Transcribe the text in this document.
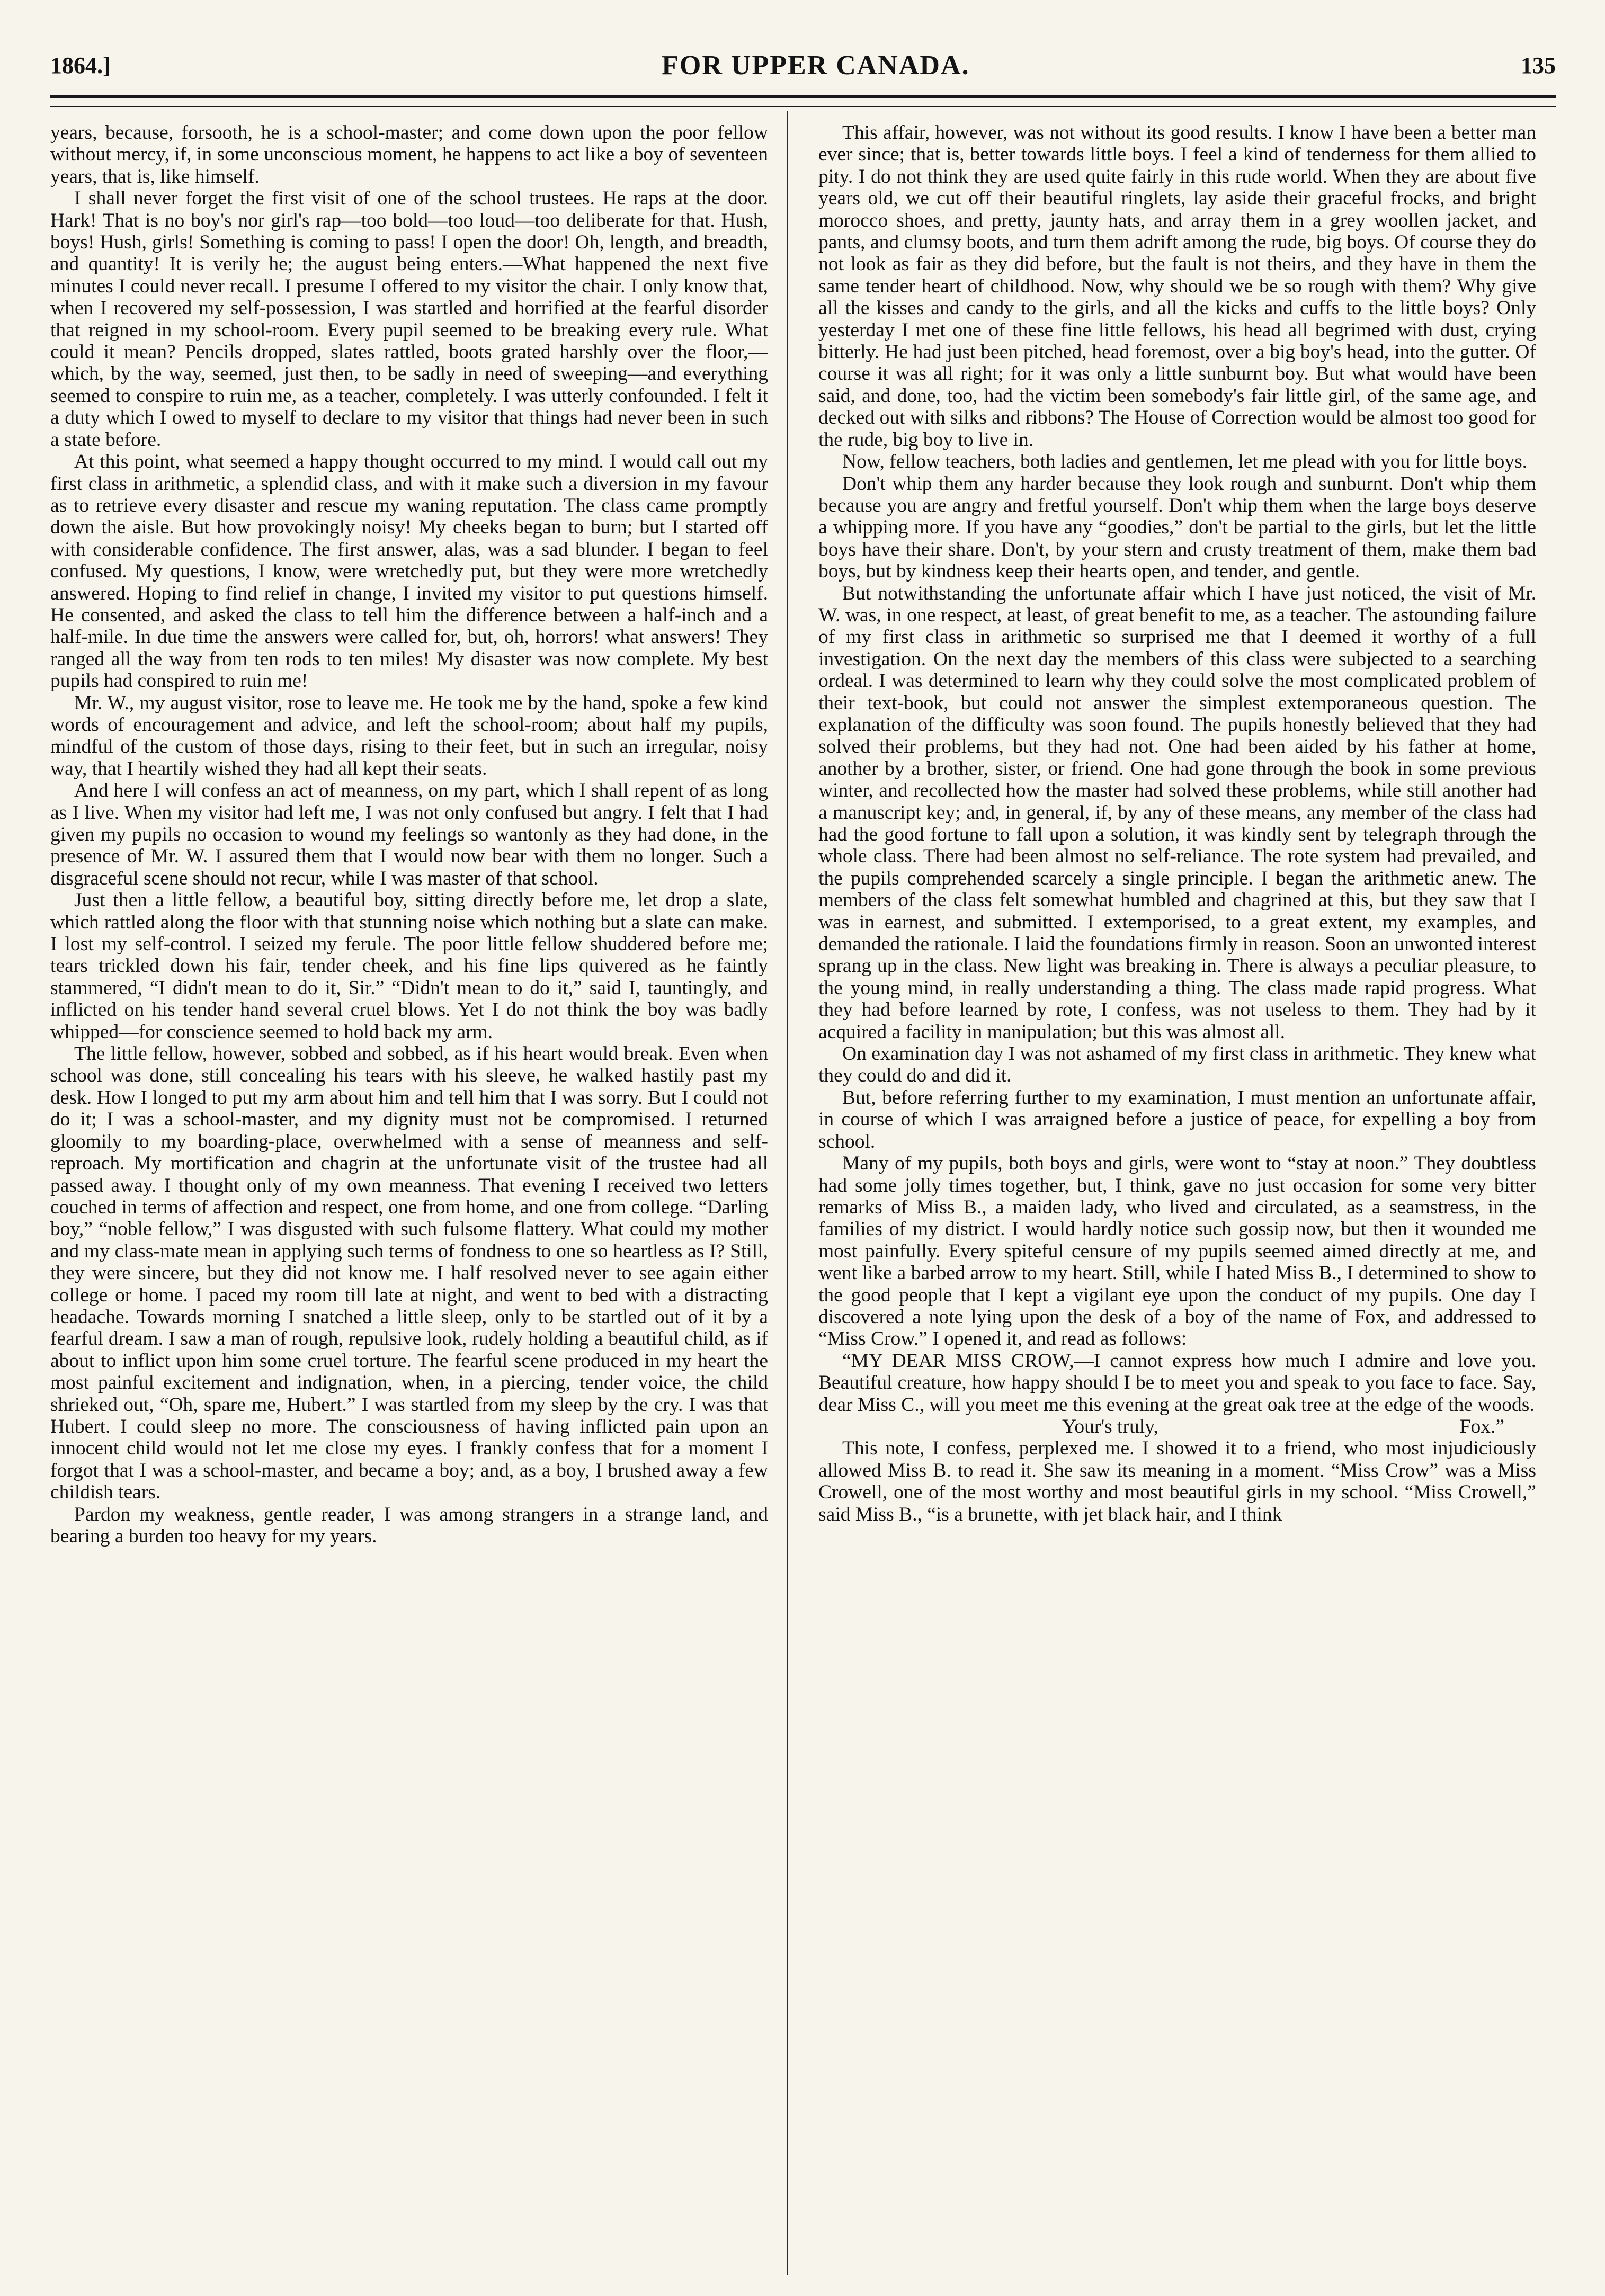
1864.]	FOR UPPER CANADA.	135

years, because, forsooth, he is a school-master; and come down upon the poor fellow without mercy, if, in some unconscious moment, he happens to act like a boy of seventeen years, that is, like himself.

I shall never forget the first visit of one of the school trustees. He raps at the door. Hark! That is no boy's nor girl's rap—too bold—too loud—too deliberate for that. Hush, boys! Hush, girls! Something is coming to pass! I open the door! Oh, length, and breadth, and quantity! It is verily he; the august being enters.—What happened the next five minutes I could never recall. I presume I offered to my visitor the chair. I only know that, when I recovered my self-possession, I was startled and horrified at the fearful disorder that reigned in my school-room. Every pupil seemed to be breaking every rule. What could it mean? Pencils dropped, slates rattled, boots grated harshly over the floor,—which, by the way, seemed, just then, to be sadly in need of sweeping—and everything seemed to conspire to ruin me, as a teacher, completely. I was utterly confounded. I felt it a duty which I owed to myself to declare to my visitor that things had never been in such a state before.

At this point, what seemed a happy thought occurred to my mind. I would call out my first class in arithmetic, a splendid class, and with it make such a diversion in my favour as to retrieve every disaster and rescue my waning reputation. The class came promptly down the aisle. But how provokingly noisy! My cheeks began to burn; but I started off with considerable confidence. The first answer, alas, was a sad blunder. I began to feel confused. My questions, I know, were wretchedly put, but they were more wretchedly answered. Hoping to find relief in change, I invited my visitor to put questions himself. He consented, and asked the class to tell him the difference between a half-inch and a half-mile. In due time the answers were called for, but, oh, horrors! what answers! They ranged all the way from ten rods to ten miles! My disaster was now complete. My best pupils had conspired to ruin me!

Mr. W., my august visitor, rose to leave me. He took me by the hand, spoke a few kind words of encouragement and advice, and left the school-room; about half my pupils, mindful of the custom of those days, rising to their feet, but in such an irregular, noisy way, that I heartily wished they had all kept their seats.

And here I will confess an act of meanness, on my part, which I shall repent of as long as I live. When my visitor had left me, I was not only confused but angry. I felt that I had given my pupils no occasion to wound my feelings so wantonly as they had done, in the presence of Mr. W. I assured them that I would now bear with them no longer. Such a disgraceful scene should not recur, while I was master of that school.

Just then a little fellow, a beautiful boy, sitting directly before me, let drop a slate, which rattled along the floor with that stunning noise which nothing but a slate can make. I lost my self-control. I seized my ferule. The poor little fellow shuddered before me; tears trickled down his fair, tender cheek, and his fine lips quivered as he faintly stammered, “I didn't mean to do it, Sir.” “Didn't mean to do it,” said I, tauntingly, and inflicted on his tender hand several cruel blows. Yet I do not think the boy was badly whipped—for conscience seemed to hold back my arm.

The little fellow, however, sobbed and sobbed, as if his heart would break. Even when school was done, still concealing his tears with his sleeve, he walked hastily past my desk. How I longed to put my arm about him and tell him that I was sorry. But I could not do it; I was a school-master, and my dignity must not be compromised. I returned gloomily to my boarding-place, overwhelmed with a sense of meanness and self-reproach. My mortification and chagrin at the unfortunate visit of the trustee had all passed away. I thought only of my own meanness. That evening I received two letters couched in terms of affection and respect, one from home, and one from college. “Darling boy,” “noble fellow,” I was disgusted with such fulsome flattery. What could my mother and my class-mate mean in applying such terms of fondness to one so heartless as I? Still, they were sincere, but they did not know me. I half resolved never to see again either college or home. I paced my room till late at night, and went to bed with a distracting headache. Towards morning I snatched a little sleep, only to be startled out of it by a fearful dream. I saw a man of rough, repulsive look, rudely holding a beautiful child, as if about to inflict upon him some cruel torture. The fearful scene produced in my heart the most painful excitement and indignation, when, in a piercing, tender voice, the child shrieked out, “Oh, spare me, Hubert.” I was startled from my sleep by the cry. I was that Hubert. I could sleep no more. The consciousness of having inflicted pain upon an innocent child would not let me close my eyes. I frankly confess that for a moment I forgot that I was a school-master, and became a boy; and, as a boy, I brushed away a few childish tears.

Pardon my weakness, gentle reader, I was among strangers in a strange land, and bearing a burden too heavy for my years.

This affair, however, was not without its good results. I know I have been a better man ever since; that is, better towards little boys. I feel a kind of tenderness for them allied to pity. I do not think they are used quite fairly in this rude world. When they are about five years old, we cut off their beautiful ringlets, lay aside their graceful frocks, and bright morocco shoes, and pretty, jaunty hats, and array them in a grey woollen jacket, and pants, and clumsy boots, and turn them adrift among the rude, big boys. Of course they do not look as fair as they did before, but the fault is not theirs, and they have in them the same tender heart of childhood. Now, why should we be so rough with them? Why give all the kisses and candy to the girls, and all the kicks and cuffs to the little boys? Only yesterday I met one of these fine little fellows, his head all begrimed with dust, crying bitterly. He had just been pitched, head foremost, over a big boy's head, into the gutter. Of course it was all right; for it was only a little sunburnt boy. But what would have been said, and done, too, had the victim been somebody's fair little girl, of the same age, and decked out with silks and ribbons? The House of Correction would be almost too good for the rude, big boy to live in.

Now, fellow teachers, both ladies and gentlemen, let me plead with you for little boys.

Don't whip them any harder because they look rough and sunburnt. Don't whip them because you are angry and fretful yourself. Don't whip them when the large boys deserve a whipping more. If you have any “goodies,” don't be partial to the girls, but let the little boys have their share. Don't, by your stern and crusty treatment of them, make them bad boys, but by kindness keep their hearts open, and tender, and gentle.

But notwithstanding the unfortunate affair which I have just noticed, the visit of Mr. W. was, in one respect, at least, of great benefit to me, as a teacher. The astounding failure of my first class in arithmetic so surprised me that I deemed it worthy of a full investigation. On the next day the members of this class were subjected to a searching ordeal. I was determined to learn why they could solve the most complicated problem of their text-book, but could not answer the simplest extemporaneous question. The explanation of the difficulty was soon found. The pupils honestly believed that they had solved their problems, but they had not. One had been aided by his father at home, another by a brother, sister, or friend. One had gone through the book in some previous winter, and recollected how the master had solved these problems, while still another had a manuscript key; and, in general, if, by any of these means, any member of the class had had the good fortune to fall upon a solution, it was kindly sent by telegraph through the whole class. There had been almost no self-reliance. The rote system had prevailed, and the pupils comprehended scarcely a single principle. I began the arithmetic anew. The members of the class felt somewhat humbled and chagrined at this, but they saw that I was in earnest, and submitted. I extemporised, to a great extent, my examples, and demanded the rationale. I laid the foundations firmly in reason. Soon an unwonted interest sprang up in the class. New light was breaking in. There is always a peculiar pleasure, to the young mind, in really understanding a thing. The class made rapid progress. What they had before learned by rote, I confess, was not useless to them. They had by it acquired a facility in manipulation; but this was almost all.

On examination day I was not ashamed of my first class in arithmetic. They knew what they could do and did it.

But, before referring further to my examination, I must mention an unfortunate affair, in course of which I was arraigned before a justice of peace, for expelling a boy from school.

Many of my pupils, both boys and girls, were wont to “stay at noon.” They doubtless had some jolly times together, but, I think, gave no just occasion for some very bitter remarks of Miss B., a maiden lady, who lived and circulated, as a seamstress, in the families of my district. I would hardly notice such gossip now, but then it wounded me most painfully. Every spiteful censure of my pupils seemed aimed directly at me, and went like a barbed arrow to my heart. Still, while I hated Miss B., I determined to show to the good people that I kept a vigilant eye upon the conduct of my pupils. One day I discovered a note lying upon the desk of a boy of the name of Fox, and addressed to “Miss Crow.” I opened it, and read as follows:

“MY DEAR MISS CROW,—I cannot express how much I admire and love you. Beautiful creature, how happy should I be to meet you and speak to you face to face. Say, dear Miss C., will you meet me this evening at the great oak tree at the edge of the woods.

Your's truly,	Fox.”

This note, I confess, perplexed me. I showed it to a friend, who most injudiciously allowed Miss B. to read it. She saw its meaning in a moment. “Miss Crow” was a Miss Crowell, one of the most worthy and most beautiful girls in my school. “Miss Crowell,” said Miss B., “is a brunette, with jet black hair, and I think
